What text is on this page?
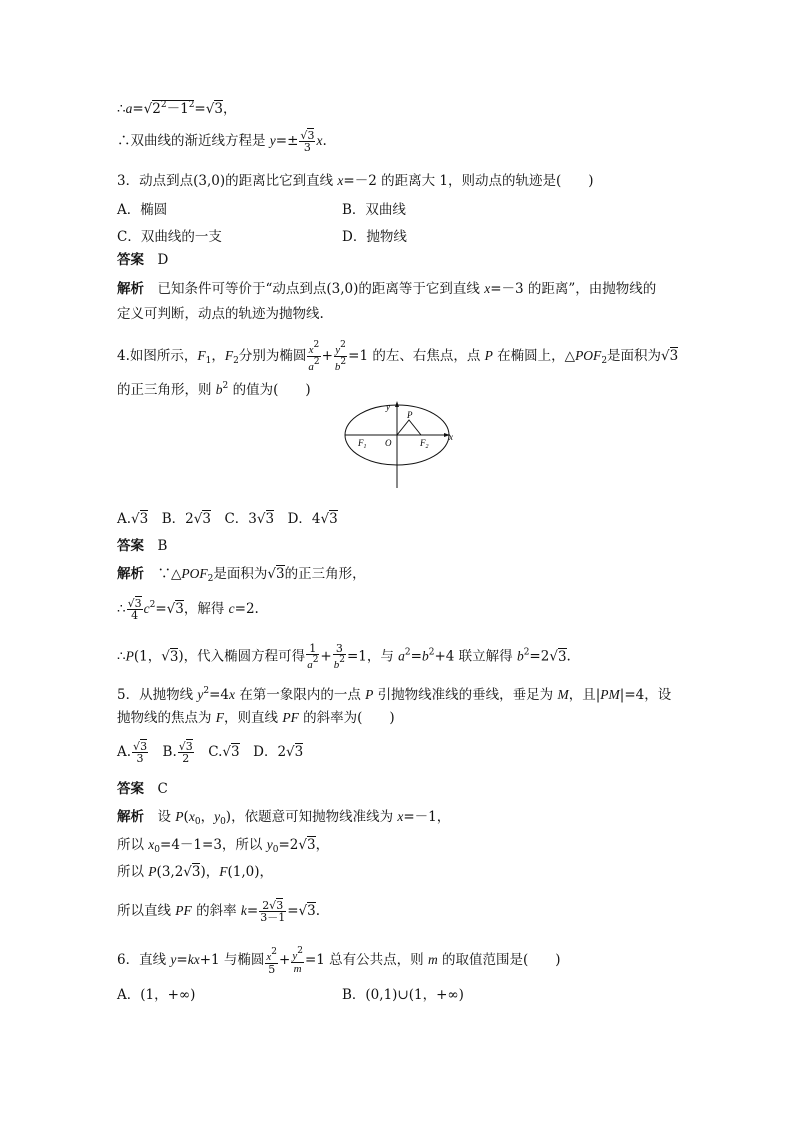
$\therefore a=√2^2-1^2=√3$，
∴双曲线的渐近线方程是 $y=\pm \frac{√3}{3} x$.
3．动点到点(3,0)的距离比它到直线 x=－2 的距离大 1，则动点的轨迹是(　　)
A．椭圆	B．双曲线
C．双曲线的一支	D．抛物线
答案　 D
解析　已知条件可等价于“动点到点(3,0)的距离等于它到直线 x=－3 的距离”，由抛物线的
定义可判断，动点的轨迹为抛物线.
4.如图所示，$F_1$，$F_2$分别为椭圆 $\frac{x^2}{a^2} + \frac{y^2}{b^2} =1$ 的左、右焦点，点 P 在椭圆上，$\triangle POF_2$是面积为√3
的正三角形，则 $b^2$ 的值为(　　)
y
x
P
O
$F_1$	$F_2$
A.√3　B．2√3　C．3√3　D．4√3
答案　 B
解析　$\because\triangle POF_2$是面积为√3的正三角形，
∴ $\frac{√3}{4} c^2=√3$，解得 c=2.
∴P(1，√3)，代入椭圆方程可得 $\frac{1}{a^2} + \frac{3}{b^2} =1$，与 $a^2=b^2+4$ 联立解得 $b^2=2√3$.
5．从抛物线 $y^2=4x$ 在第一象限内的一点 P 引抛物线准线的垂线，垂足为 M，且|PM|=4，设
抛物线的焦点为 F，则直线 PF 的斜率为(　　)
A. $\frac{√3}{3}$ 　B. $\frac{√3}{2}$ 　C.√3　D．2√3
答案　 C
解析　设 $P(x_0$，$y_0$)，依题意可知抛物线准线为 x=－1，
所以 $x_0=4-1=3$，所以 $y_0=2√3$，
所以 P(3,2√3)，F(1,0)，
所以直线 PF 的斜率 $k= \frac{2√3}{3-1} =√3$.
6．直线 y=kx+1 与椭圆 $\frac{x^2}{5} + \frac{y^2}{m} =1$ 总有公共点，则 m 的取值范围是(　　)
A．(1，+∞)	B．(0,1)∪(1，+∞)
